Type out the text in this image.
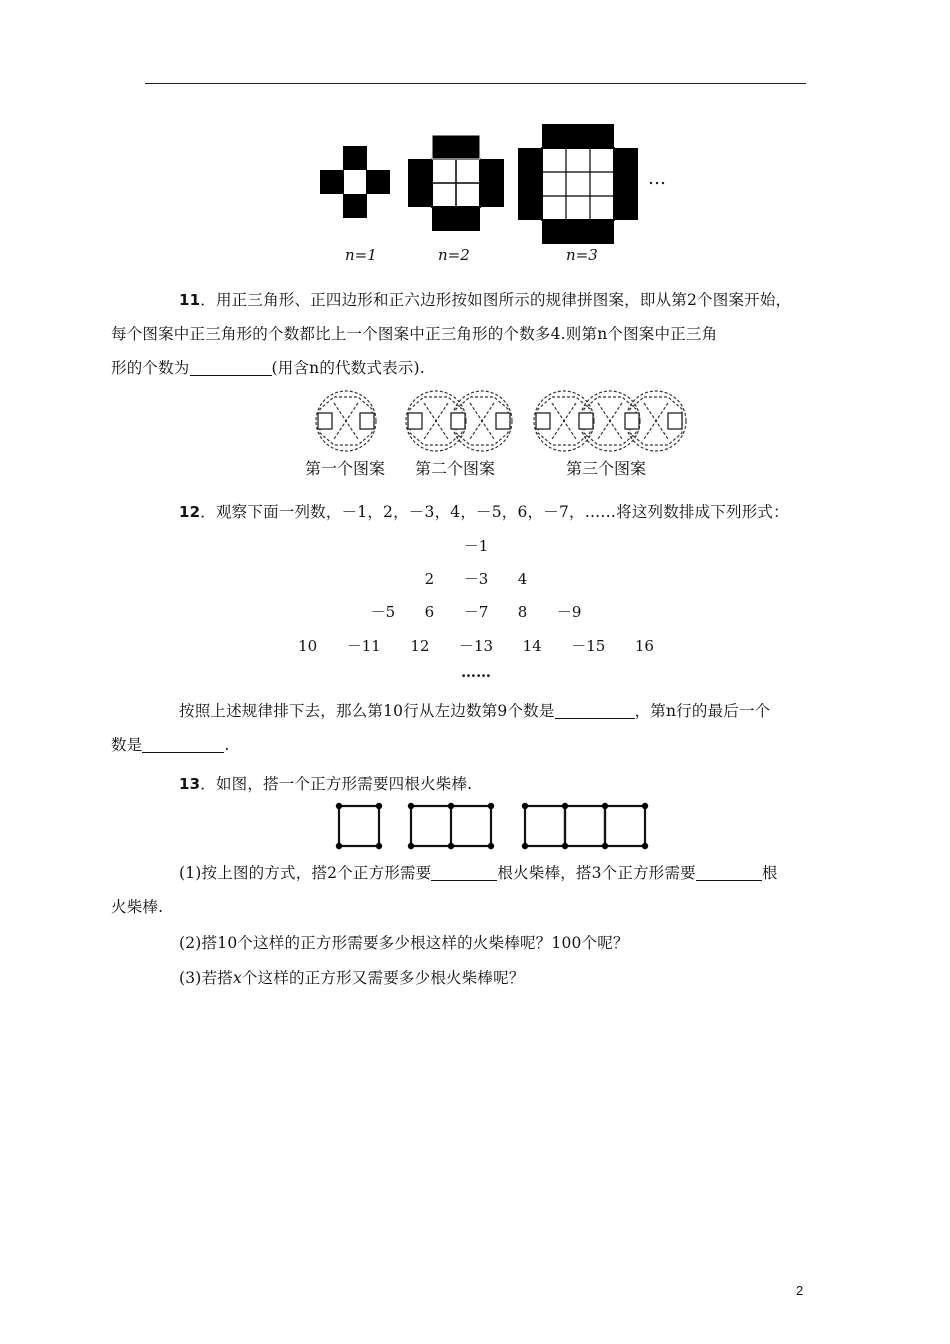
…
n=1	n=2	n=3
11．用正三角形、正四边形和正六边形按如图所示的规律拼图案，即从第2个图案开始，
每个图案中正三角形的个数都比上一个图案中正三角形的个数多4.则第n个图案中正三角
形的个数为	(用含n的代数式表示).
第一个图案 第二个图案	第三个图案
12．观察下面一列数，－1，2，－3，4，－5，6，－7，……将这列数排成下列形式：
－1
2  －3  4
－5  6  －7  8  －9
10  －11  12  －13  14  －15  16
……
按照上述规律排下去，那么第10行从左边数第9个数是	，第n行的最后一个
数是	.
13．如图，搭一个正方形需要四根火柴棒.
(1)按上图的方式，搭2个正方形需要	根火柴棒，搭3个正方形需要	根
火柴棒.
(2)搭10个这样的正方形需要多少根这样的火柴棒呢？100个呢？
(3)若搭x个这样的正方形又需要多少根火柴棒呢？
2
